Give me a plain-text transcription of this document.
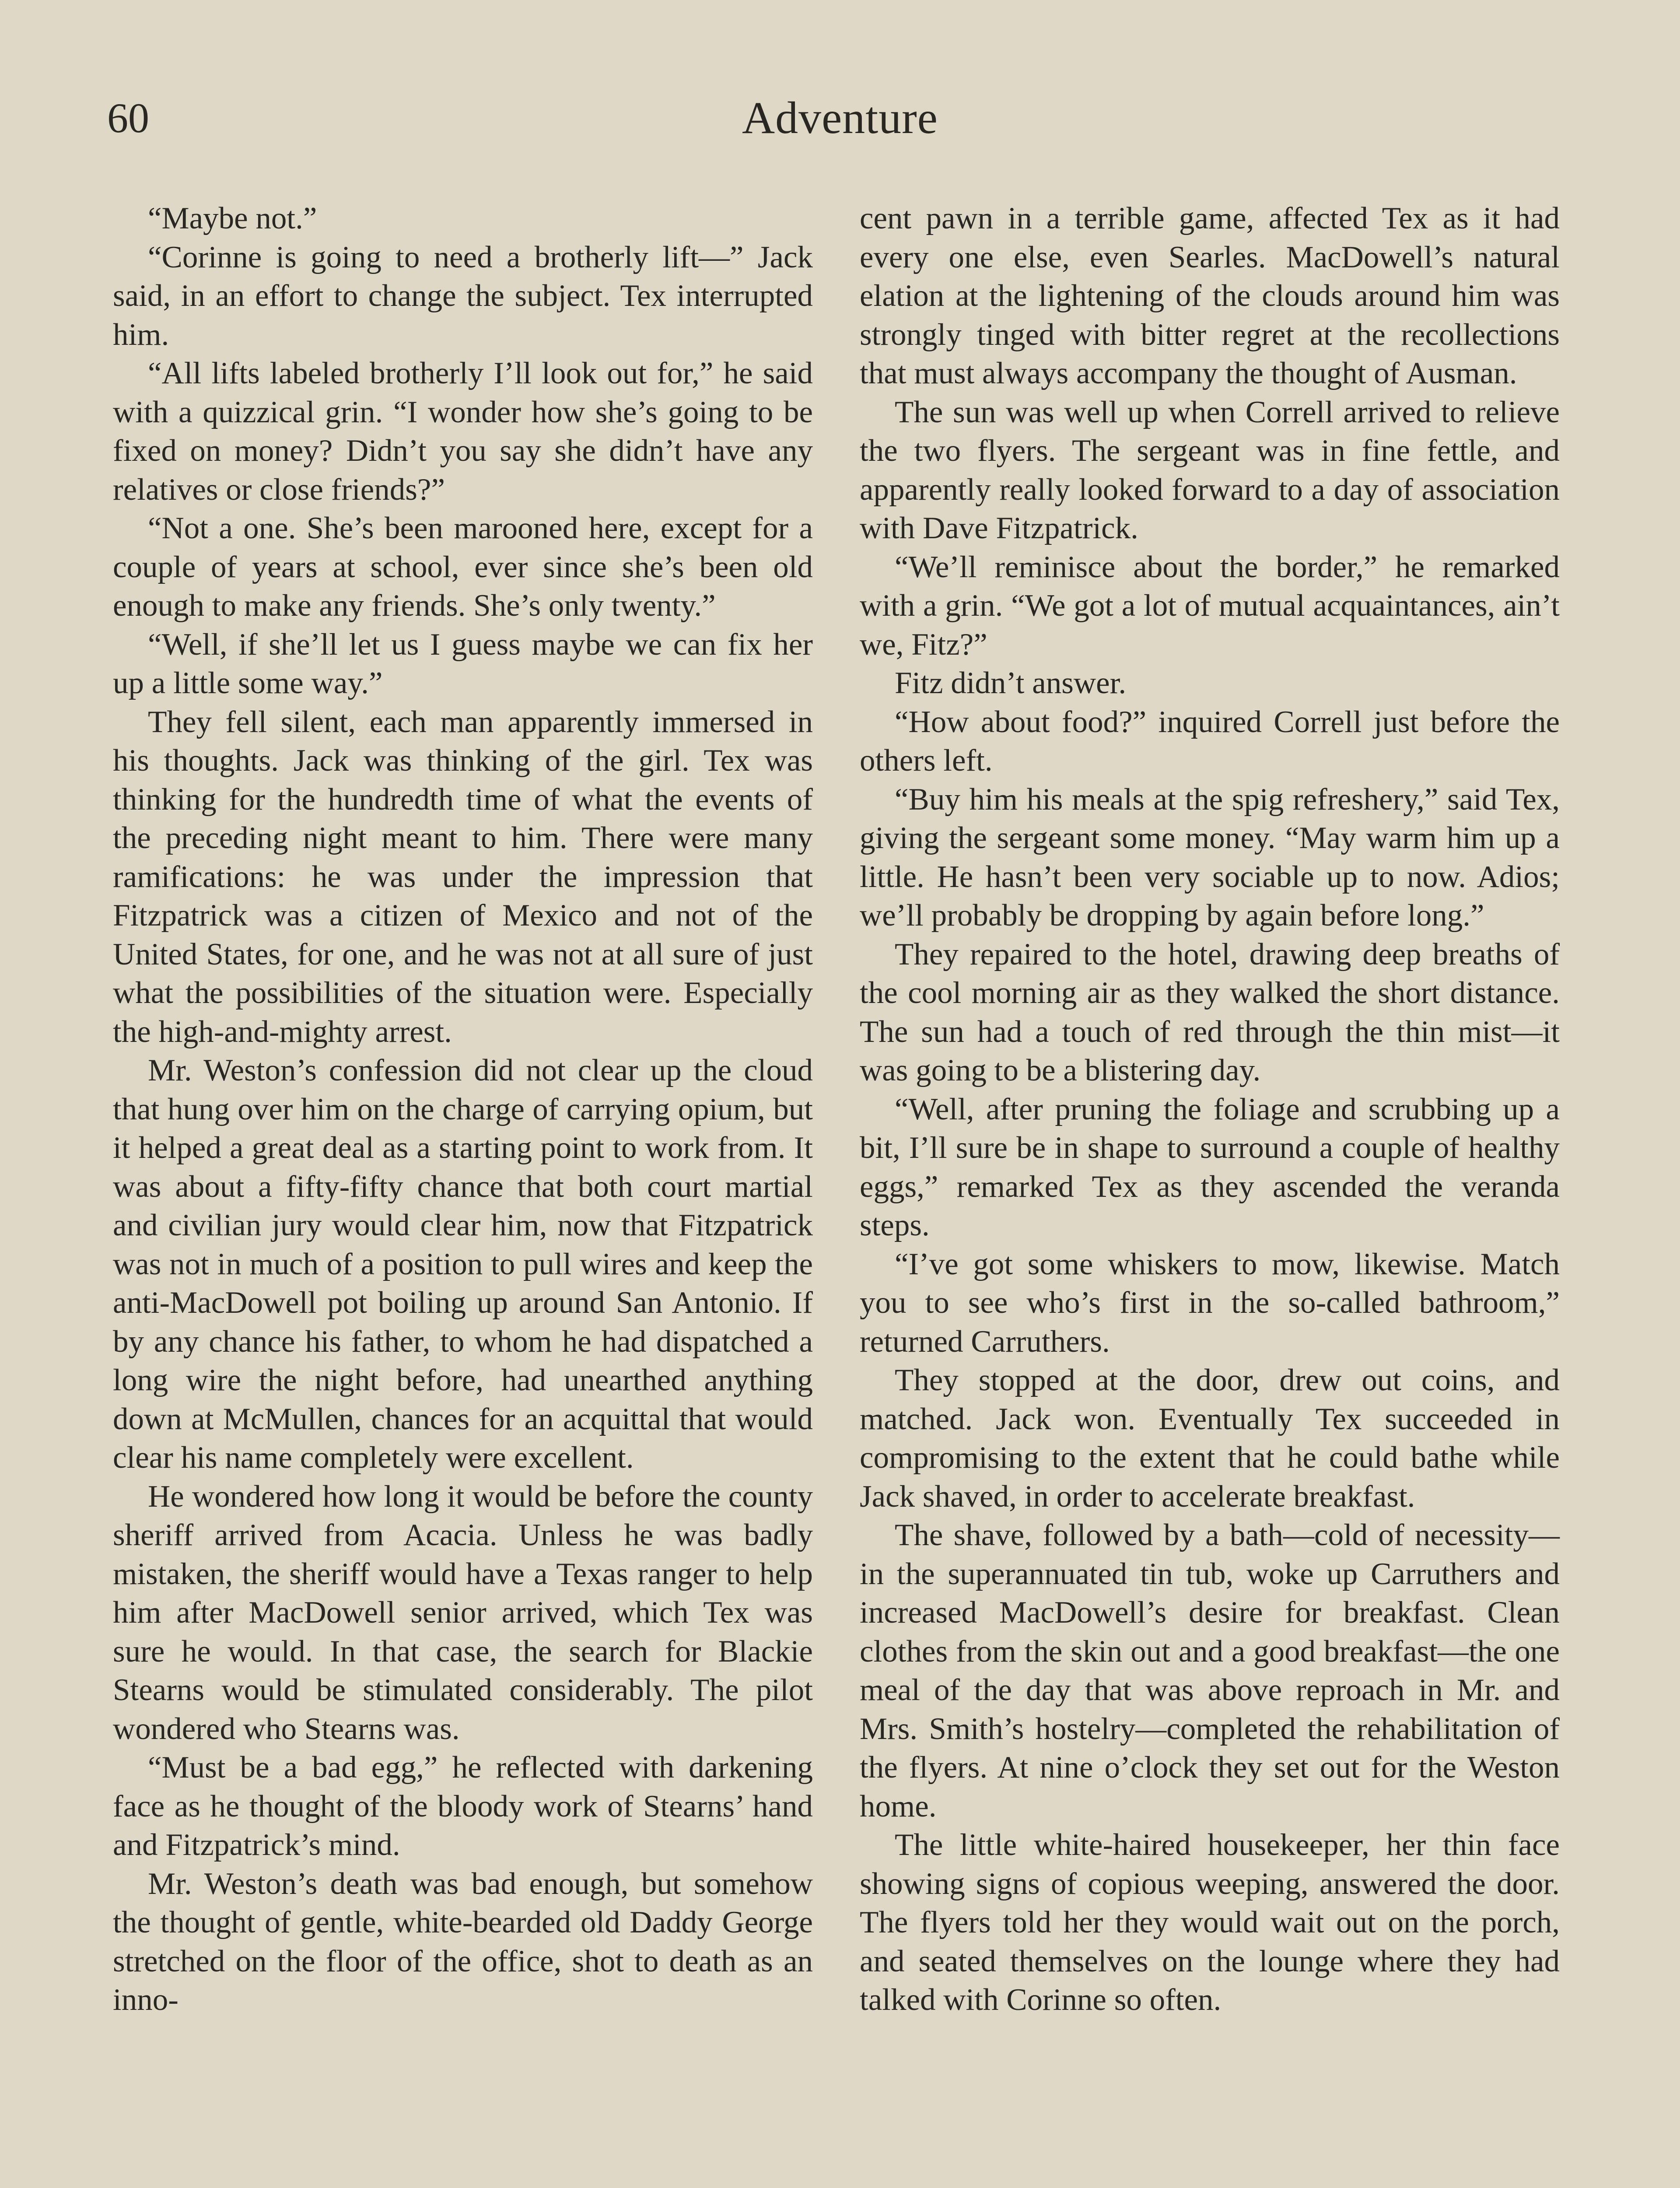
60	Adventure

“Maybe not.”

“Corinne is going to need a brotherly lift—” Jack said, in an effort to change the subject. Tex interrupted him.

“All lifts labeled brotherly I’ll look out for,” he said with a quizzical grin. “I wonder how she’s going to be fixed on money? Didn’t you say she didn’t have any relatives or close friends?”

“Not a one. She’s been marooned here, except for a couple of years at school, ever since she’s been old enough to make any friends. She’s only twenty.”

“Well, if she’ll let us I guess maybe we can fix her up a little some way.”

They fell silent, each man apparently immersed in his thoughts. Jack was thinking of the girl. Tex was thinking for the hundredth time of what the events of the preceding night meant to him. There were many ramifications: he was under the impression that Fitzpatrick was a citizen of Mexico and not of the United States, for one, and he was not at all sure of just what the possibilities of the situation were. Especially the high-and-mighty arrest.

Mr. Weston’s confession did not clear up the cloud that hung over him on the charge of carrying opium, but it helped a great deal as a starting point to work from. It was about a fifty-fifty chance that both court martial and civilian jury would clear him, now that Fitzpatrick was not in much of a position to pull wires and keep the anti-MacDowell pot boiling up around San Antonio. If by any chance his father, to whom he had dispatched a long wire the night before, had unearthed anything down at McMullen, chances for an acquittal that would clear his name completely were excellent.

He wondered how long it would be before the county sheriff arrived from Acacia. Unless he was badly mistaken, the sheriff would have a Texas ranger to help him after MacDowell senior arrived, which Tex was sure he would. In that case, the search for Blackie Stearns would be stimulated considerably. The pilot wondered who Stearns was.

“Must be a bad egg,” he reflected with darkening face as he thought of the bloody work of Stearns’ hand and Fitzpatrick’s mind.

Mr. Weston’s death was bad enough, but somehow the thought of gentle, white-bearded old Daddy George stretched on the floor of the office, shot to death as an inno-

cent pawn in a terrible game, affected Tex as it had every one else, even Searles. MacDowell’s natural elation at the lightening of the clouds around him was strongly tinged with bitter regret at the recollections that must always accompany the thought of Ausman.

The sun was well up when Correll arrived to relieve the two flyers. The sergeant was in fine fettle, and apparently really looked forward to a day of association with Dave Fitzpatrick.

“We’ll reminisce about the border,” he remarked with a grin. “We got a lot of mutual acquaintances, ain’t we, Fitz?”

Fitz didn’t answer.

“How about food?” inquired Correll just before the others left.

“Buy him his meals at the spig refreshery,” said Tex, giving the sergeant some money. “May warm him up a little. He hasn’t been very sociable up to now. Adios; we’ll probably be dropping by again before long.”

They repaired to the hotel, drawing deep breaths of the cool morning air as they walked the short distance. The sun had a touch of red through the thin mist—it was going to be a blistering day.

“Well, after pruning the foliage and scrubbing up a bit, I’ll sure be in shape to surround a couple of healthy eggs,” remarked Tex as they ascended the veranda steps.

“I’ve got some whiskers to mow, likewise. Match you to see who’s first in the so-called bathroom,” returned Carruthers.

They stopped at the door, drew out coins, and matched. Jack won. Eventually Tex succeeded in compromising to the extent that he could bathe while Jack shaved, in order to accelerate breakfast.

The shave, followed by a bath—cold of necessity—in the superannuated tin tub, woke up Carruthers and increased MacDowell’s desire for breakfast. Clean clothes from the skin out and a good breakfast—the one meal of the day that was above reproach in Mr. and Mrs. Smith’s hostelry—completed the rehabilitation of the flyers. At nine o’clock they set out for the Weston home.

The little white-haired housekeeper, her thin face showing signs of copious weeping, answered the door. The flyers told her they would wait out on the porch, and seated themselves on the lounge where they had talked with Corinne so often.
